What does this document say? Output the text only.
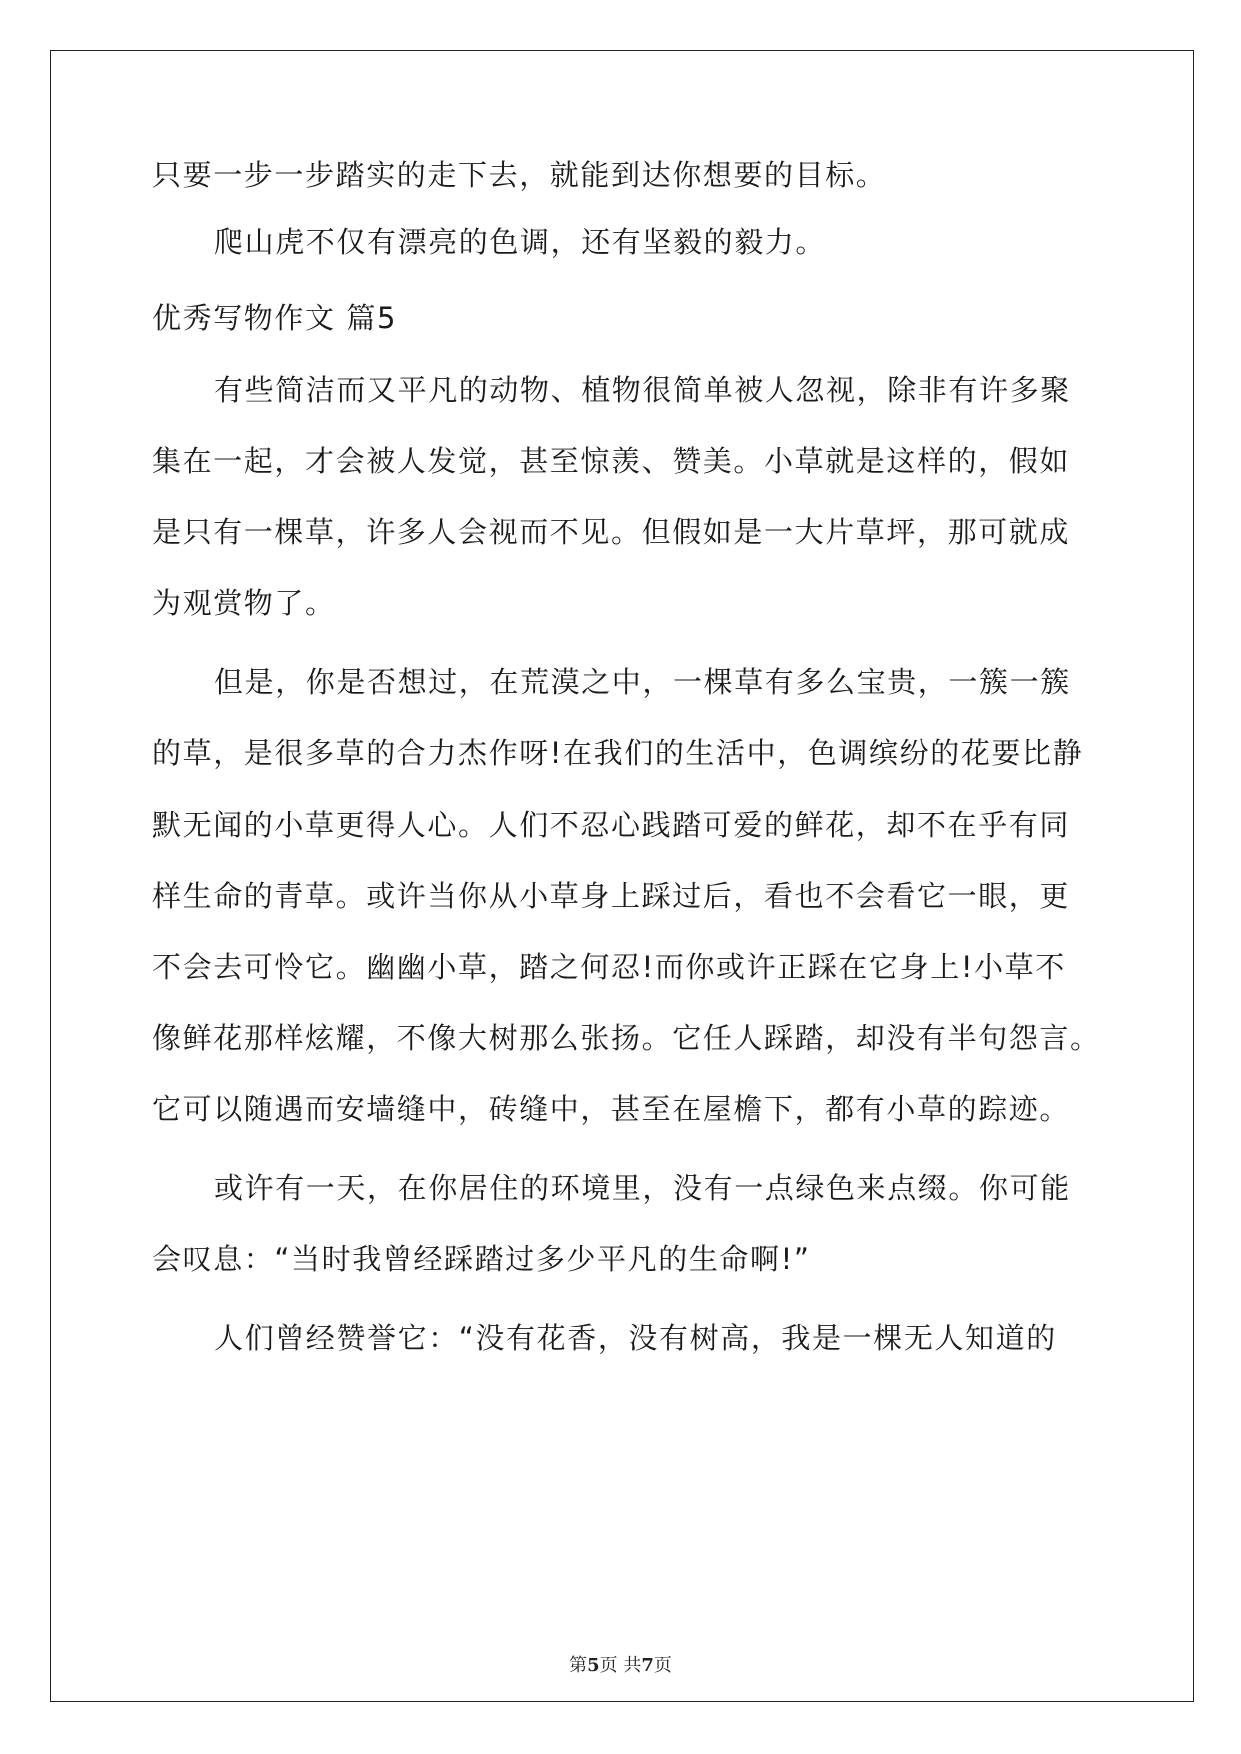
只要一步一步踏实的走下去，就能到达你想要的目标。
爬山虎不仅有漂亮的色调，还有坚毅的毅力。
优秀写物作文 篇5
有些简洁而又平凡的动物、植物很简单被人忽视，除非有许多聚
集在一起，才会被人发觉，甚至惊羡、赞美。小草就是这样的，假如
是只有一棵草，许多人会视而不见。但假如是一大片草坪，那可就成
为观赏物了。
但是，你是否想过，在荒漠之中，一棵草有多么宝贵，一簇一簇
的草，是很多草的合力杰作呀!在我们的生活中，色调缤纷的花要比静
默无闻的小草更得人心。人们不忍心践踏可爱的鲜花，却不在乎有同
样生命的青草。或许当你从小草身上踩过后，看也不会看它一眼，更
不会去可怜它。幽幽小草，踏之何忍!而你或许正踩在它身上!小草不
像鲜花那样炫耀，不像大树那么张扬。它任人踩踏，却没有半句怨言。
它可以随遇而安墙缝中，砖缝中，甚至在屋檐下，都有小草的踪迹。
或许有一天，在你居住的环境里，没有一点绿色来点缀。你可能
会叹息：“当时我曾经踩踏过多少平凡的生命啊!”
人们曾经赞誉它：“没有花香，没有树高，我是一棵无人知道的
第5页 共7页
